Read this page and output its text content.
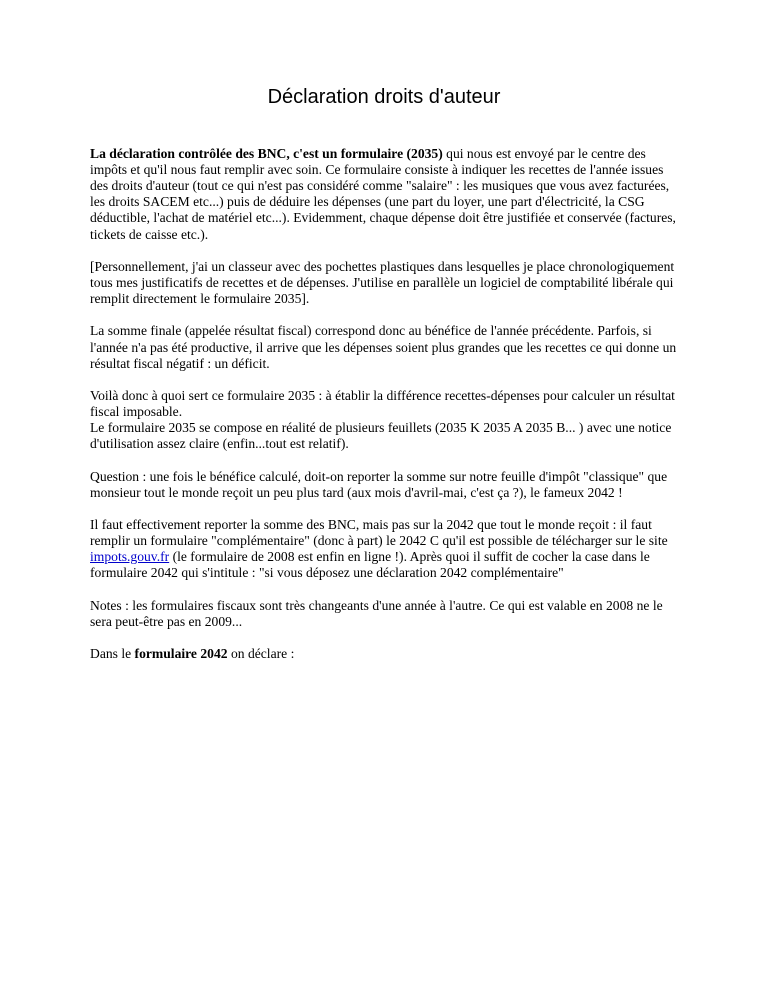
Déclaration droits d'auteur

La déclaration contrôlée des BNC, c'est un formulaire (2035) qui nous est envoyé par le centre des impôts et qu'il nous faut remplir avec soin. Ce formulaire consiste à indiquer les recettes de l'année issues des droits d'auteur (tout ce qui n'est pas considéré comme "salaire" : les musiques que vous avez facturées, les droits SACEM etc...) puis de déduire les dépenses (une part du loyer, une part d'électricité, la CSG déductible, l'achat de matériel etc...). Evidemment, chaque dépense doit être justifiée et conservée (factures, tickets de caisse etc.).

[Personnellement, j'ai un classeur avec des pochettes plastiques dans lesquelles je place chronologiquement tous mes justificatifs de recettes et de dépenses. J'utilise en parallèle un logiciel de comptabilité libérale qui remplit directement le formulaire 2035].

La somme finale (appelée résultat fiscal) correspond donc au bénéfice de l'année précédente. Parfois, si l'année n'a pas été productive, il arrive que les dépenses soient plus grandes que les recettes ce qui donne un résultat fiscal négatif : un déficit.

Voilà donc à quoi sert ce formulaire 2035 : à établir la différence recettes-dépenses pour calculer un résultat fiscal imposable.
Le formulaire 2035 se compose en réalité de plusieurs feuillets (2035 K 2035 A 2035 B... ) avec une notice d'utilisation assez claire (enfin...tout est relatif).

Question : une fois le bénéfice calculé, doit-on reporter la somme sur notre feuille d'impôt "classique" que monsieur tout le monde reçoit un peu plus tard (aux mois d'avril-mai, c'est ça ?), le fameux 2042 !

Il faut effectivement reporter la somme des BNC, mais pas sur la 2042 que tout le monde reçoit : il faut remplir un formulaire "complémentaire" (donc à part) le 2042 C qu'il est possible de télécharger sur le site impots.gouv.fr (le formulaire de 2008 est enfin en ligne !). Après quoi il suffit de cocher la case dans le formulaire 2042 qui s'intitule : "si vous déposez une déclaration 2042 complémentaire"

Notes : les formulaires fiscaux sont très changeants d'une année à l'autre. Ce qui est valable en 2008 ne le sera peut-être pas en 2009...

Dans le formulaire 2042 on déclare :
